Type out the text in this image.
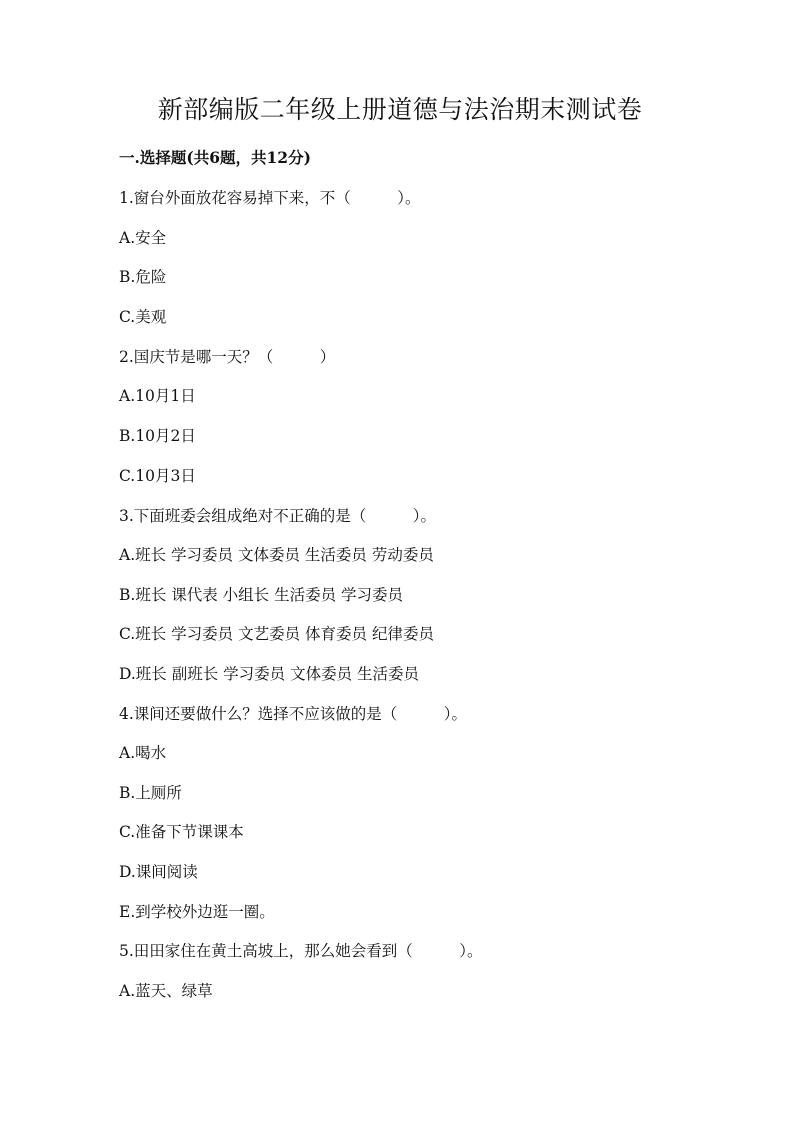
新部编版二年级上册道德与法治期末测试卷
一.选择题(共6题，共12分)
1.窗台外面放花容易掉下来，不（　　　）。
A.安全
B.危险
C.美观
2.国庆节是哪一天？（　　　）
A.10月1日
B.10月2日
C.10月3日
3.下面班委会组成绝对不正确的是（　　　）。
A.班长 学习委员 文体委员 生活委员 劳动委员
B.班长 课代表 小组长 生活委员 学习委员
C.班长 学习委员 文艺委员 体育委员 纪律委员
D.班长 副班长 学习委员 文体委员 生活委员
4.课间还要做什么？选择不应该做的是（　　　）。
A.喝水
B.上厕所
C.准备下节课课本
D.课间阅读
E.到学校外边逛一圈。
5.田田家住在黄土高坡上，那么她会看到（　　　）。
A.蓝天、绿草
